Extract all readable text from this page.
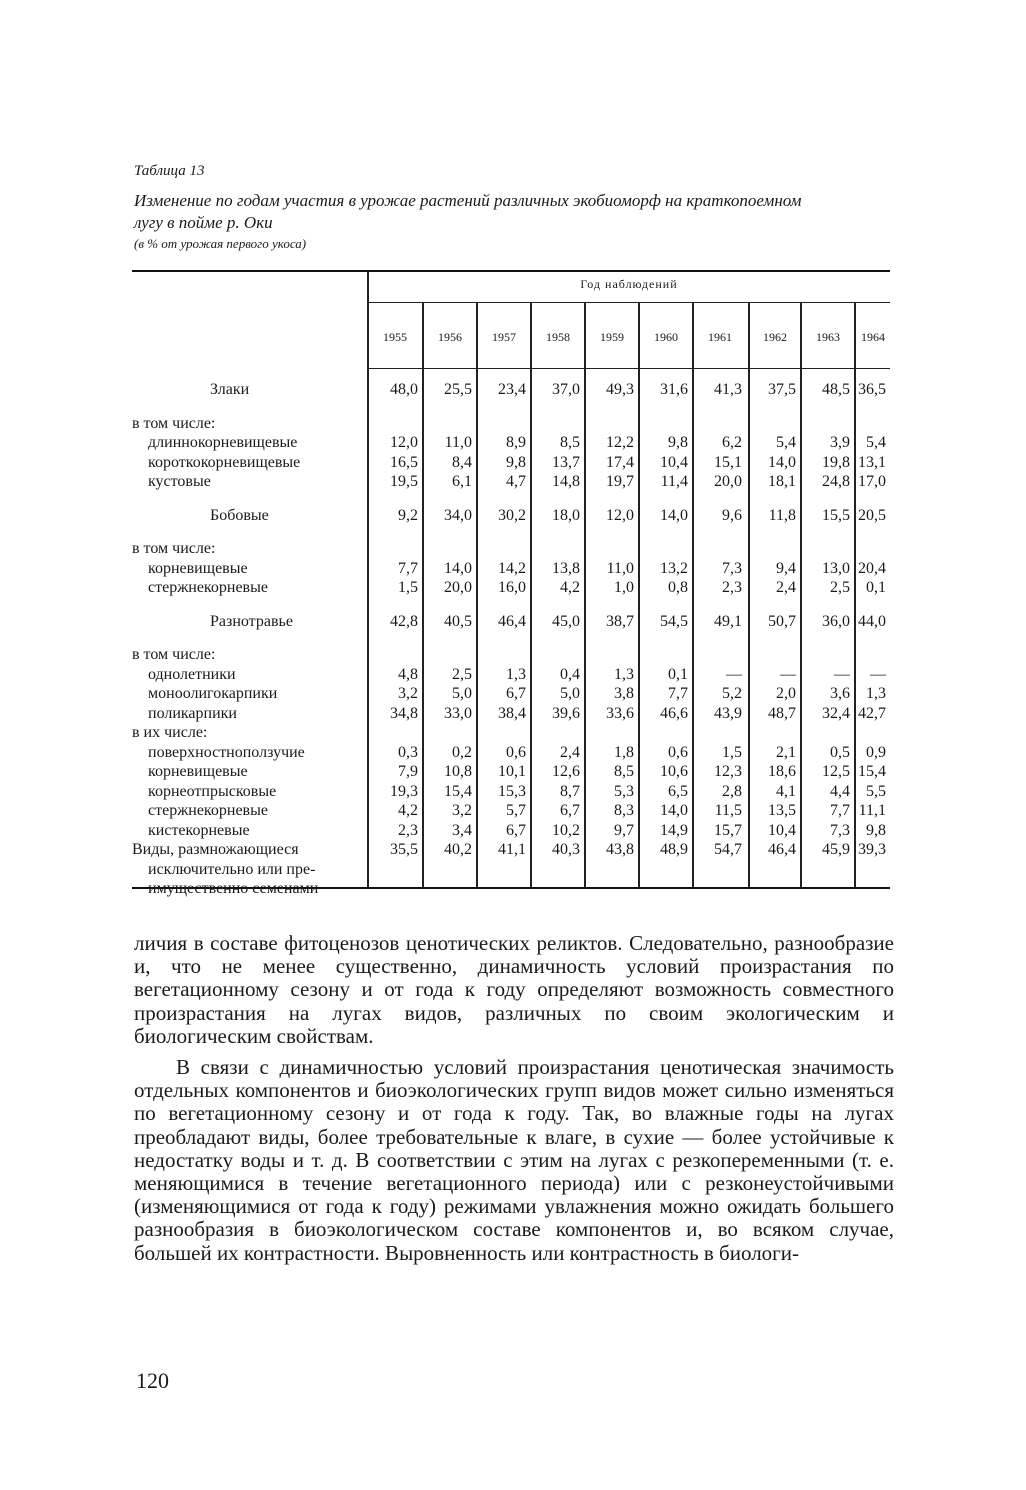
Таблица 13
Изменение по годам участия в урожае растений различных экобиоморф на краткопоемном лугу в пойме р. Оки
(в % от урожая первого укоса)
Год наблюдений
1955	1956	1957	1958	1959	1960	1961	1962	1963	1964
Злаки	48,0	25,5	23,4	37,0	49,3	31,6	41,3	37,5	48,5 36,5
в том числе:
длиннокорневищевые	12,0	11,0	8,9	8,5	12,2	9,8	6,2	5,4	3,9	5,4
короткокорневищевые	16,5	8,4	9,8	13,7	17,4	10,4	15,1	14,0	19,8 13,1
кустовые	19,5	6,1	4,7	14,8	19,7	11,4	20,0	18,1	24,8 17,0
Бобовые	9,2	34,0	30,2	18,0	12,0	14,0	9,6	11,8	15,5 20,5
в том числе:
корневищевые	7,7	14,0	14,2	13,8	11,0	13,2	7,3	9,4	13,0 20,4
стержнекорневые	1,5	20,0	16,0	4,2	1,0	0,8	2,3	2,4	2,5	0,1
Разнотравье	42,8	40,5	46,4	45,0	38,7	54,5	49,1	50,7	36,0 44,0
в том числе:
однолетники	4,8	2,5	1,3	0,4	1,3	0,1	—	—	—	—
моноолигокарпики	3,2	5,0	6,7	5,0	3,8	7,7	5,2	2,0	3,6	1,3
поликарпики	34,8	33,0	38,4	39,6	33,6	46,6	43,9	48,7	32,4 42,7
в их числе:
поверхностноползучие	0,3	0,2	0,6	2,4	1,8	0,6	1,5	2,1	0,5	0,9
корневищевые	7,9	10,8	10,1	12,6	8,5	10,6	12,3	18,6	12,5 15,4
корнеотпрысковые	19,3	15,4	15,3	8,7	5,3	6,5	2,8	4,1	4,4	5,5
стержнекорневые	4,2	3,2	5,7	6,7	8,3	14,0	11,5	13,5	7,7 11,1
кистекорневые	2,3	3,4	6,7	10,2	9,7	14,9	15,7	10,4	7,3	9,8
Виды, размножающиеся	35,5	40,2	41,1	40,3	43,8	48,9	54,7	46,4	45,9 39,3
исключительно или пре-
имущественно семенами

личия в составе фитоценозов ценотических реликтов. Следовательно, разнообразие и, что не менее существенно, динамичность условий произрастания по вегетационному сезону и от года к году определяют возможность совместного произрастания на лугах видов, различных по своим экологическим и биологическим свойствам.

В связи с динамичностью условий произрастания ценотическая значимость отдельных компонентов и биоэкологических групп видов может сильно изменяться по вегетационному сезону и от года к году. Так, во влажные годы на лугах преобладают виды, более требовательные к влаге, в сухие — более устойчивые к недостатку воды и т. д. В соответствии с этим на лугах с резкопеременными (т. е. меняющимися в течение вегетационного периода) или с резконеустойчивыми (изменяющимися от года к году) режимами увлажнения можно ожидать большего разнообразия в биоэкологическом составе компонентов и, во всяком случае, большей их контрастности. Выровненность или контрастность в биологи-

120
